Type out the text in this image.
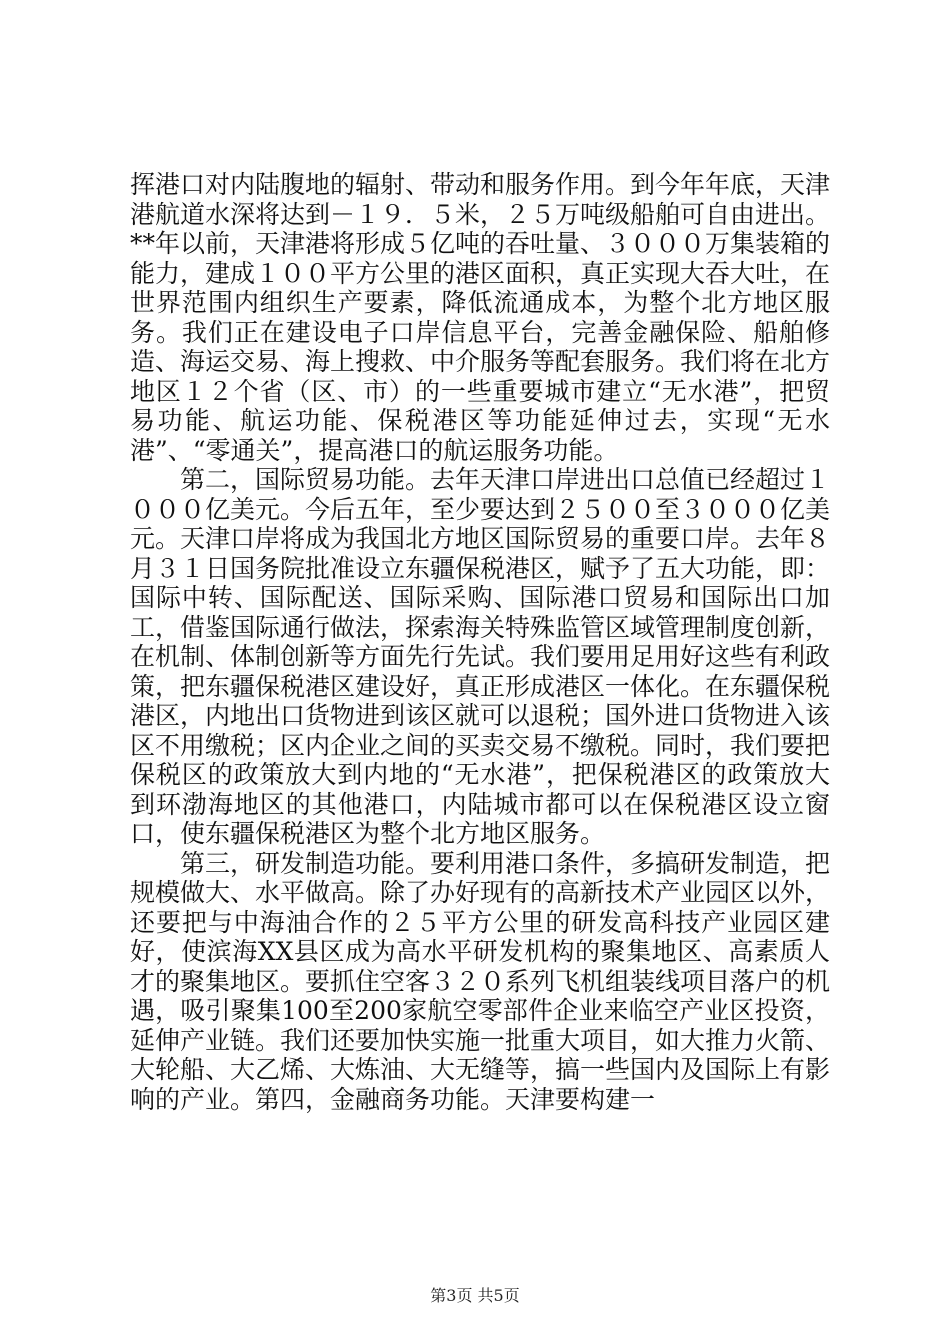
挥港口对内陆腹地的辐射、带动和服务作用。到今年年底，天津港航道水深将达到－１９．５米，２５万吨级船舶可自由进出。**年以前，天津港将形成５亿吨的吞吐量、３０００万集装箱的能力，建成１００平方公里的港区面积，真正实现大吞大吐，在世界范围内组织生产要素，降低流通成本，为整个北方地区服务。我们正在建设电子口岸信息平台，完善金融保险、船舶修造、海运交易、海上搜救、中介服务等配套服务。我们将在北方地区１２个省（区、市）的一些重要城市建立“无水港”，把贸易功能、航运功能、保税港区等功能延伸过去，实现“无水港”、“零通关”，提高港口的航运服务功能。

第二，国际贸易功能。去年天津口岸进出口总值已经超过１０００亿美元。今后五年，至少要达到２５００至３０００亿美元。天津口岸将成为我国北方地区国际贸易的重要口岸。去年８月３１日国务院批准设立东疆保税港区，赋予了五大功能，即：国际中转、国际配送、国际采购、国际港口贸易和国际出口加工，借鉴国际通行做法，探索海关特殊监管区域管理制度创新，在机制、体制创新等方面先行先试。我们要用足用好这些有利政策，把东疆保税港区建设好，真正形成港区一体化。在东疆保税港区，内地出口货物进到该区就可以退税；国外进口货物进入该区不用缴税；区内企业之间的买卖交易不缴税。同时，我们要把保税区的政策放大到内地的“无水港”，把保税港区的政策放大到环渤海地区的其他港口，内陆城市都可以在保税港区设立窗口，使东疆保税港区为整个北方地区服务。

第三，研发制造功能。要利用港口条件，多搞研发制造，把规模做大、水平做高。除了办好现有的高新技术产业园区以外，还要把与中海油合作的２５平方公里的研发高科技产业园区建好，使滨海XX县区成为高水平研发机构的聚集地区、高素质人才的聚集地区。要抓住空客３２０系列飞机组装线项目落户的机遇，吸引聚集100至200家航空零部件企业来临空产业区投资，延伸产业链。我们还要加快实施一批重大项目，如大推力火箭、大轮船、大乙烯、大炼油、大无缝等，搞一些国内及国际上有影响的产业。第四，金融商务功能。天津要构建一

第3页 共5页
